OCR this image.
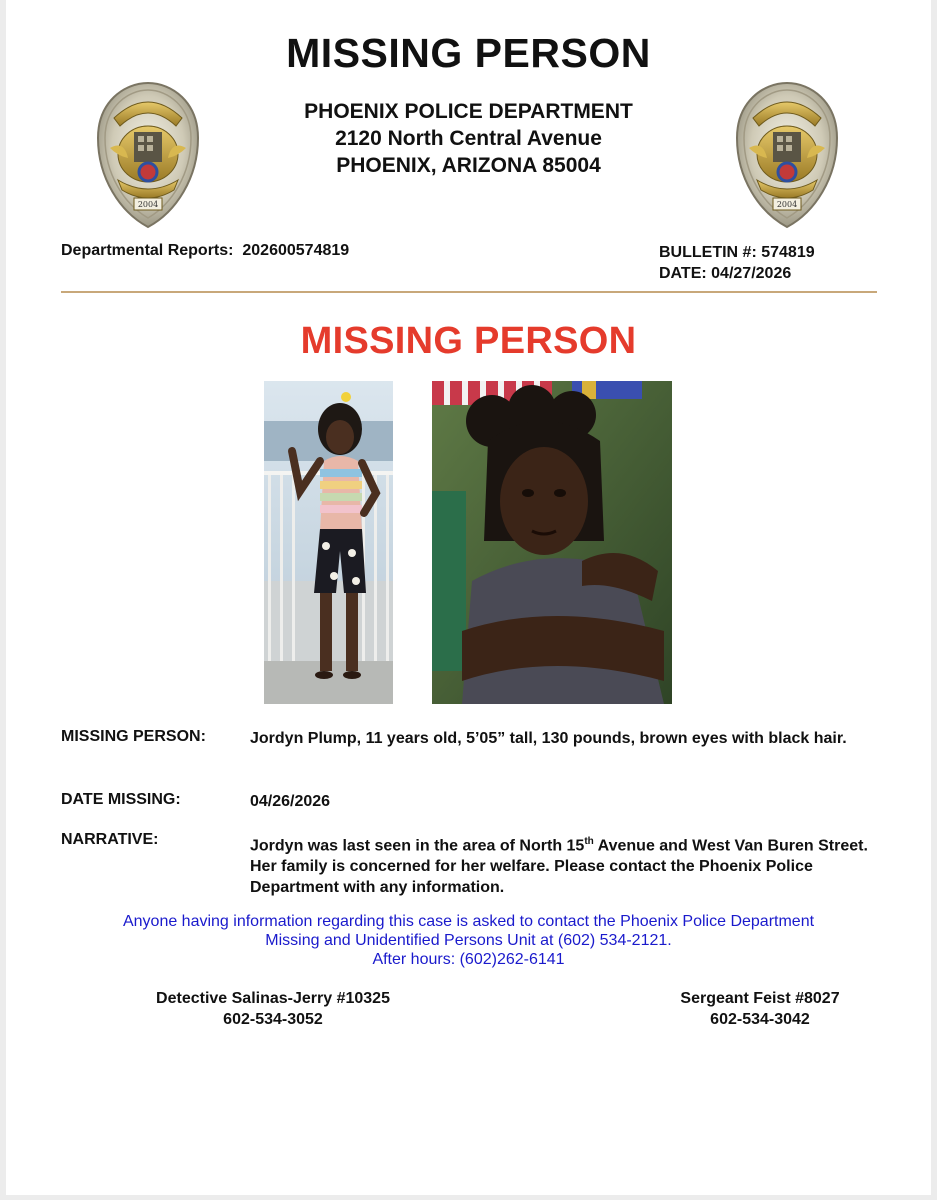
MISSING PERSON
PHOENIX POLICE DEPARTMENT
2120 North Central Avenue
PHOENIX, ARIZONA 85004
2004	2004
Departmental Reports: 202600574819	BULLETIN #: 574819
DATE: 04/27/2026
MISSING PERSON
MISSING PERSON:	Jordyn Plump, 11 years old, 5’05” tall, 130 pounds, brown eyes with black hair.
DATE MISSING:	04/26/2026
NARRATIVE:	Jordyn was last seen in the area of North 15th Avenue and West Van Buren Street. Her family is concerned for her welfare. Please contact the Phoenix Police Department with any information.
Anyone having information regarding this case is asked to contact the Phoenix Police Department
Missing and Unidentified Persons Unit at (602) 534-2121.
After hours: (602)262-6141
Detective Salinas-Jerry #10325
602-534-3052
Sergeant Feist #8027
602-534-3042
